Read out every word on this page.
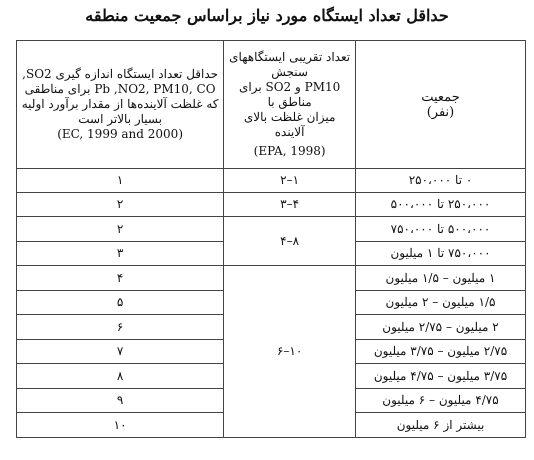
حداقل تعداد ایستگاه مورد نیاز براساس جمعیت منطقه
جمعیت
(نفر)	تعداد تقریبی ایستگاههای سنجش
PM10 و SO2 برای مناطق با
میزان غلظت بالای آلاینده
(EPA, 1998)	حداقل تعداد ایستگاه اندازه گیری SO2,
Pb ,NO2, PM10, CO برای مناطقی
که غلظت آلاینده‌ها از مقدار برآورد اولیه
بسیار بالاتر است
(EC, 1999 and 2000)

۰ تا ۲۵۰،۰۰۰	۱–۲	۱
۲۵۰،۰۰۰ تا ۵۰۰،۰۰۰	۴–۳	۲
۵۰۰،۰۰۰ تا ۷۵۰،۰۰۰	۸–۴	۲
۷۵۰،۰۰۰ تا ۱ میلیون		۳
۱ میلیون – ۱/۵ میلیون	۱۰–۶	۴
۱/۵ میلیون – ۲ میلیون		۵
۲ میلیون – ۲/۷۵ میلیون		۶
۲/۷۵ میلیون – ۳/۷۵ میلیون		۷
۳/۷۵ میلیون – ۴/۷۵ میلیون		۸
۴/۷۵ میلیون – ۶ میلیون		۹
بیشتر از ۶ میلیون		۱۰
